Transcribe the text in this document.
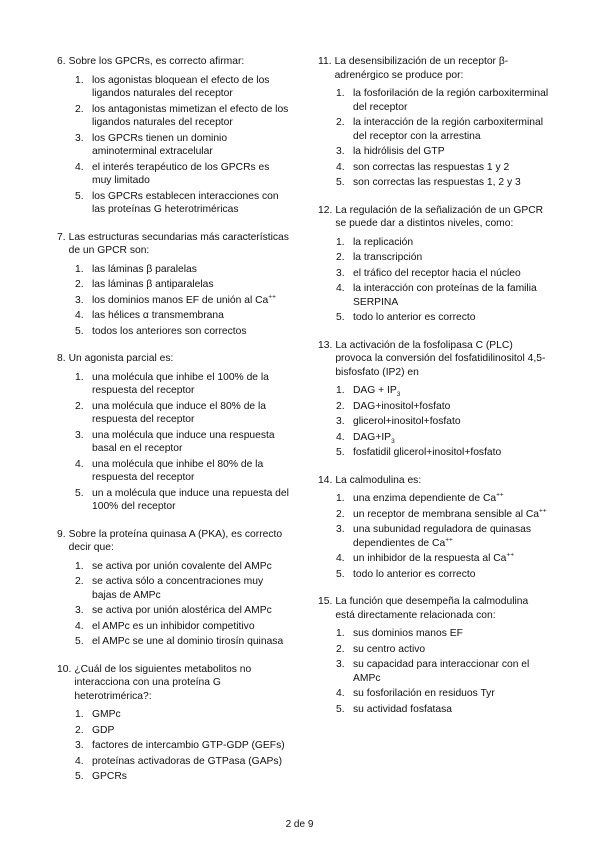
6. Sobre los GPCRs, es correcto afirmar:
1. los agonistas bloquean el efecto de los ligandos naturales del receptor
2. los antagonistas mimetizan el efecto de los ligandos naturales del receptor
3. los GPCRs tienen un dominio aminoterminal extracelular
4. el interés terapéutico de los GPCRs es muy limitado
5. los GPCRs establecen interacciones con las proteínas G heterotriméricas
7. Las estructuras secundarias más características de un GPCR son:
1. las láminas β paralelas
2. las láminas β antiparalelas
3. los dominios manos EF de unión al Ca++
4. las hélices α transmembrana
5. todos los anteriores son correctos
8. Un agonista parcial es:
1. una molécula que inhibe el 100% de la respuesta del receptor
2. una molécula que induce el 80% de la respuesta del receptor
3. una molécula que induce una respuesta basal en el receptor
4. una molécula que inhibe el 80% de la respuesta del receptor
5. un a molécula que induce una repuesta del 100% del receptor
9. Sobre la proteína quinasa A (PKA), es correcto decir que:
1. se activa por unión covalente del AMPc
2. se activa sólo a concentraciones muy bajas de AMPc
3. se activa por unión alostérica del AMPc
4. el AMPc es un inhibidor competitivo
5. el AMPc se une al dominio tirosín quinasa
10. ¿Cuál de los siguientes metabolitos no interacciona con una proteína G heterotrimérica?:
1. GMPc
2. GDP
3. factores de intercambio GTP-GDP (GEFs)
4. proteínas activadoras de GTPasa (GAPs)
5. GPCRs
11. La desensibilización de un receptor β-adrenérgico se produce por:
1. la fosforilación de la región carboxiterminal del receptor
2. la interacción de la región carboxiterminal del receptor con la arrestina
3. la hidrólisis del GTP
4. son correctas las respuestas 1 y 2
5. son correctas las respuestas 1, 2 y 3
12. La regulación de la señalización de un GPCR se puede dar a distintos niveles, como:
1. la replicación
2. la transcripción
3. el tráfico del receptor hacia el núcleo
4. la interacción con proteínas de la familia SERPINA
5. todo lo anterior es correcto
13. La activación de la fosfolipasa C (PLC) provoca la conversión del fosfatidilinositol 4,5-bisfosfato (IP2) en
1. DAG + $IP_3$
2. DAG+inositol+fosfato
3. glicerol+inositol+fosfato
4. $DAG+IP_3$
5. fosfatidil glicerol+inositol+fosfato
14. La calmodulina es:
1. una enzima dependiente de Ca++
2. un receptor de membrana sensible al Ca++
3. una subunidad reguladora de quinasas dependientes de Ca++
4. un inhibidor de la respuesta al Ca++
5. todo lo anterior es correcto
15. La función que desempeña la calmodulina está directamente relacionada con:
1. sus dominios manos EF
2. su centro activo
3. su capacidad para interaccionar con el AMPc
4. su fosforilación en residuos Tyr
5. su actividad fosfatasa
2 de 9
